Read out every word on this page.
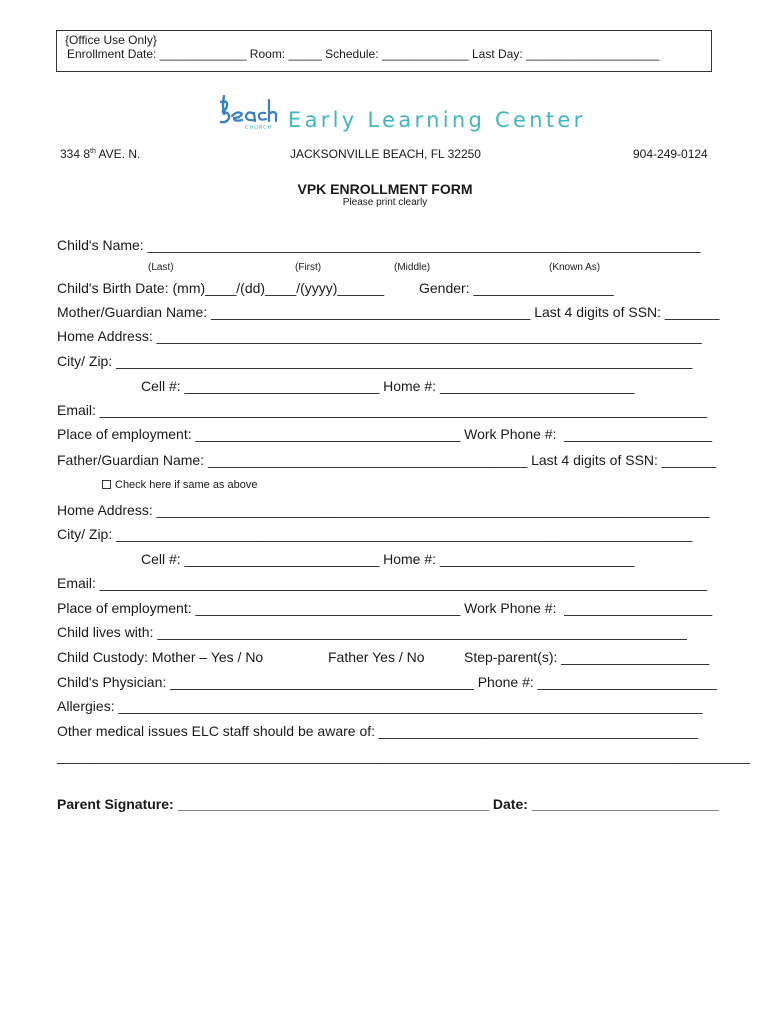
{Office Use Only}
Enrollment Date: _____________ Room: _____ Schedule: _____________ Last Day: ____________________
CHURCH Early Learning Center
334 8th AVE. N.	JACKSONVILLE BEACH, FL 32250	904-249-0124
VPK ENROLLMENT FORM
Please print clearly
Child's Name: _______________________________________________________________________
(Last)	(First)	(Middle)	(Known As)
Child's Birth Date: (mm)____/(dd)____/(yyyy)______ Gender: __________________
Mother/Guardian Name: _________________________________________ Last 4 digits of SSN: _______
Home Address: ______________________________________________________________________
City/ Zip: __________________________________________________________________________
Cell #: _________________________ Home #: _________________________
Email: ______________________________________________________________________________
Place of employment: __________________________________ Work Phone #:  ___________________
Father/Guardian Name: _________________________________________ Last 4 digits of SSN: _______
Check here if same as above
Home Address: _______________________________________________________________________
City/ Zip: __________________________________________________________________________
Cell #: _________________________ Home #: _________________________
Email: ______________________________________________________________________________
Place of employment: __________________________________ Work Phone #:  ___________________
Child lives with: ____________________________________________________________________
Child Custody: Mother – Yes / No	Father Yes / No	Step-parent(s): ___________________
Child's Physician: _______________________________________ Phone #: _______________________
Allergies: ___________________________________________________________________________
Other medical issues ELC staff should be aware of: _________________________________________
_________________________________________________________________________________________
Parent Signature: ________________________________________ Date: ________________________
